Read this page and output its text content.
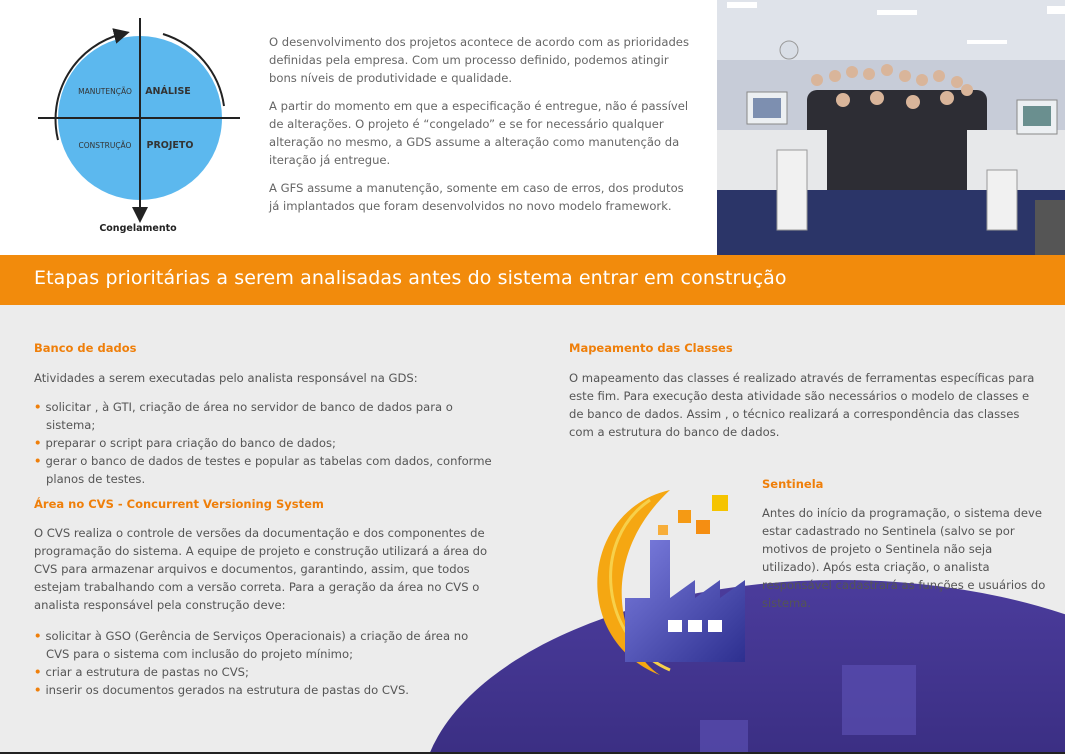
MANUTENÇÃO ANÁLISE
CONSTRUÇÃO PROJETO
Congelamento

O desenvolvimento dos projetos acontece de acordo com as prioridades definidas pela empresa. Com um processo definido, podemos atingir bons níveis de produtividade e qualidade.

A partir do momento em que a especificação é entregue, não é passível de alterações. O projeto é “congelado” e se for necessário qualquer alteração no mesmo, a GDS assume a alteração como manutenção da iteração já entregue.

A GFS assume a manutenção, somente em caso de erros, dos produtos já implantados que foram desenvolvidos no novo modelo framework.

Etapas prioritárias a serem analisadas antes do sistema entrar em construção
Banco de dados

Atividades a serem executadas pelo analista responsável na GDS:

• solicitar , à GTI, criação de área no servidor de banco de dados para o sistema;
• preparar o script para criação do banco de dados;
• gerar o banco de dados de testes e popular as tabelas com dados, conforme planos de testes.
Área no CVS - Concurrent Versioning System

O CVS realiza o controle de versões da documentação e dos componentes de programação do sistema. A equipe de projeto e construção utilizará a área do CVS para armazenar arquivos e documentos, garantindo, assim, que todos estejam trabalhando com a versão correta. Para a geração da área no CVS o analista responsável pela construção deve:

• solicitar à GSO (Gerência de Serviços Operacionais) a criação de área no CVS para o sistema com inclusão do projeto mínimo;
• criar a estrutura de pastas no CVS;
• inserir os documentos gerados na estrutura de pastas do CVS.
Mapeamento das Classes

O mapeamento das classes é realizado através de ferramentas específicas para este fim. Para execução desta atividade são necessários o modelo de classes e de banco de dados. Assim , o técnico realizará a correspondência das classes com a estrutura do banco de dados.

Sentinela

Antes do início da programação, o sistema deve estar cadastrado no Sentinela (salvo se por motivos de projeto o Sentinela não seja utilizado). Após esta criação, o analista responsável cadastrará as funções e usuários do sistema.
